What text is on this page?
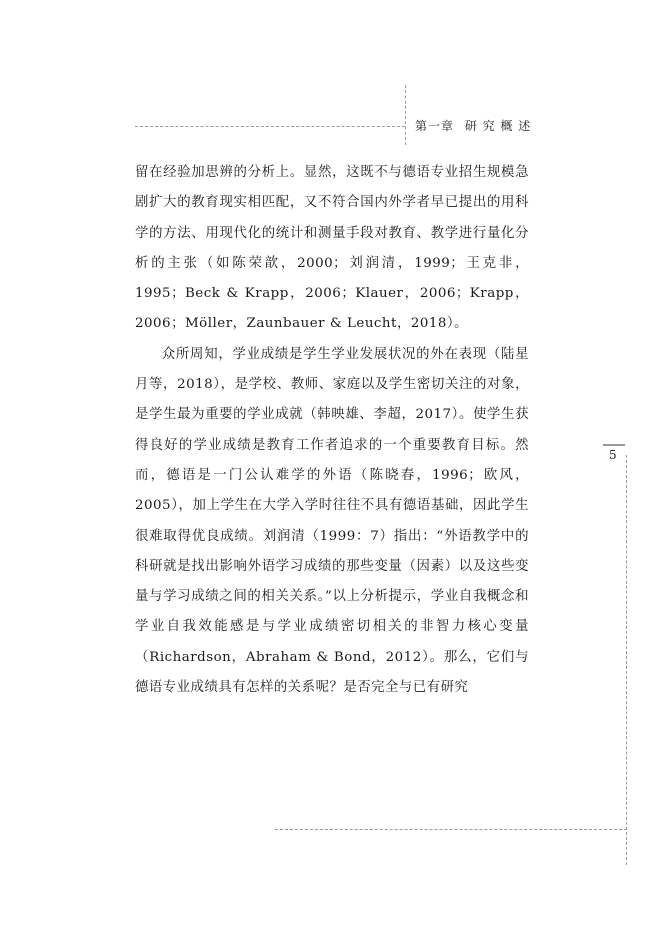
第一章 研 究 概 述
5

留在经验加思辨的分析上。显然，这既不与德语专业招生规模急剧扩大的教育现实相匹配，又不符合国内外学者早已提出的用科学的方法、用现代化的统计和测量手段对教育、教学进行量化分析的主张（如陈荣歆，2000；刘润清，1999；王克非，1995；Beck & Krapp，2006；Klauer，2006；Krapp，2006；Möller，Zaunbauer & Leucht，2018）。

众所周知，学业成绩是学生学业发展状况的外在表现（陆星月等，2018），是学校、教师、家庭以及学生密切关注的对象，是学生最为重要的学业成就（韩映雄、李超，2017）。使学生获得良好的学业成绩是教育工作者追求的一个重要教育目标。然而，德语是一门公认难学的外语（陈晓春，1996；欧风，2005），加上学生在大学入学时往往不具有德语基础，因此学生很难取得优良成绩。刘润清（1999：7）指出：“外语教学中的科研就是找出影响外语学习成绩的那些变量（因素）以及这些变量与学习成绩之间的相关关系。”以上分析提示，学业自我概念和学业自我效能感是与学业成绩密切相关的非智力核心变量（Richardson，Abraham & Bond，2012）。那么，它们与德语专业成绩具有怎样的关系呢？是否完全与已有研究
